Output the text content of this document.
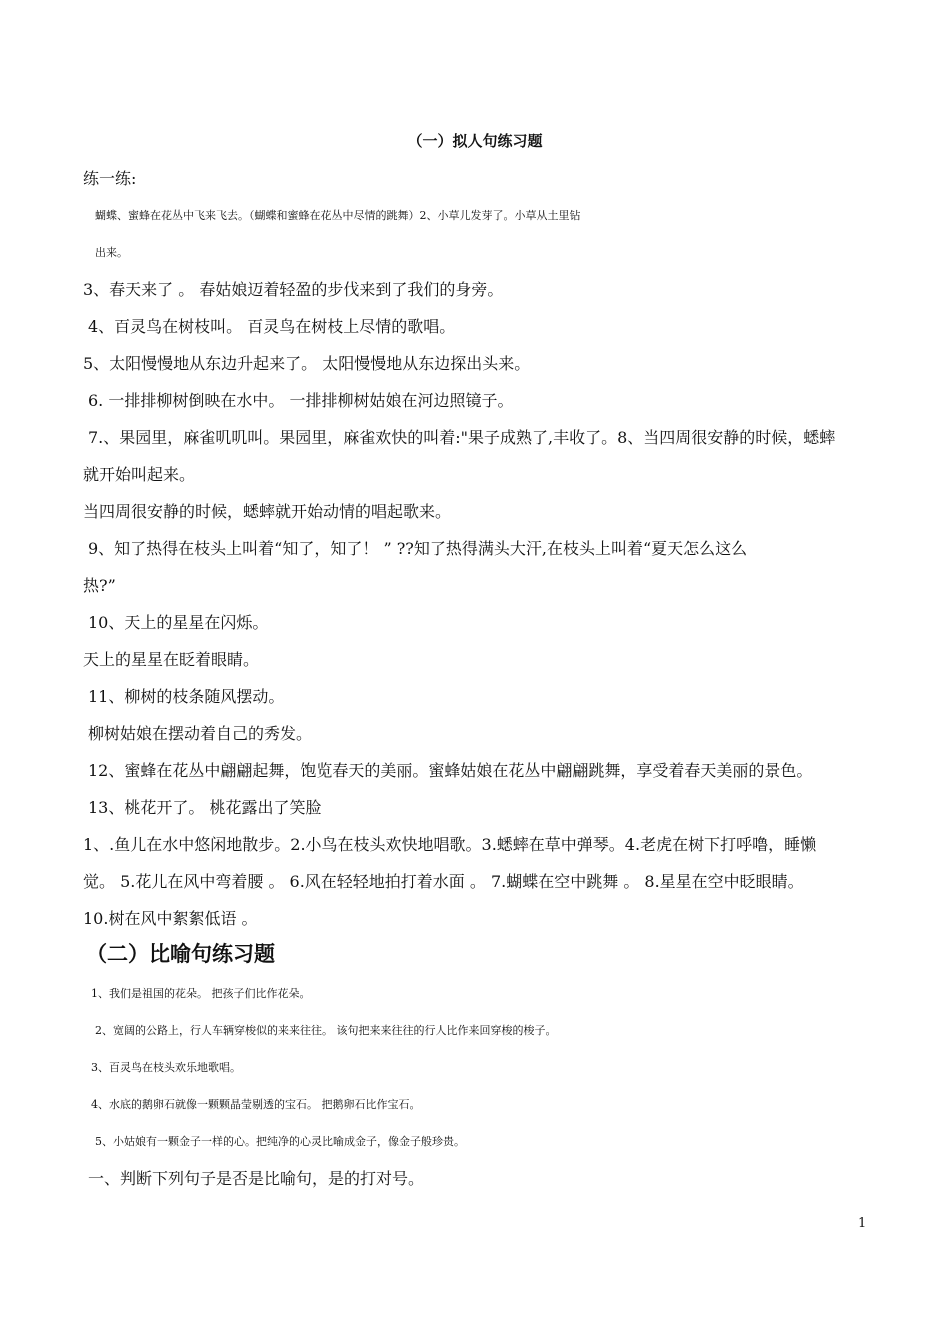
（一）拟人句练习题
练一练:
蝴蝶、蜜蜂在花丛中飞来飞去。（蝴蝶和蜜蜂在花丛中尽情的跳舞）2、小草儿发芽了。小草从土里钻
出来。
3、春天来了 。 春姑娘迈着轻盈的步伐来到了我们的身旁。
4、百灵鸟在树枝叫。 百灵鸟在树枝上尽情的歌唱。
5、太阳慢慢地从东边升起来了。 太阳慢慢地从东边探出头来。
6. 一排排柳树倒映在水中。 一排排柳树姑娘在河边照镜子。
7.、果园里，麻雀叽叽叫。果园里，麻雀欢快的叫着:"果子成熟了,丰收了。8、当四周很安静的时候，蟋蟀
就开始叫起来。
当四周很安静的时候，蟋蟀就开始动情的唱起歌来。
9、知了热得在枝头上叫着“知了，知了！ ” ??知了热得满头大汗,在枝头上叫着“夏天怎么这么
热?”
10、天上的星星在闪烁。
天上的星星在眨着眼睛。
11、柳树的枝条随风摆动。
柳树姑娘在摆动着自己的秀发。
12、蜜蜂在花丛中翩翩起舞，饱览春天的美丽。蜜蜂姑娘在花丛中翩翩跳舞，享受着春天美丽的景色。
13、桃花开了。 桃花露出了笑脸
1、.鱼儿在水中悠闲地散步。2.小鸟在枝头欢快地唱歌。3.蟋蟀在草中弹琴。4.老虎在树下打呼噜，睡懒
觉。 5.花儿在风中弯着腰 。 6.风在轻轻地拍打着水面 。 7.蝴蝶在空中跳舞 。 8.星星在空中眨眼睛。
10.树在风中絮絮低语 。
（二）比喻句练习题
1、我们是祖国的花朵。 把孩子们比作花朵。
2、宽阔的公路上，行人车辆穿梭似的来来往往。 该句把来来往往的行人比作来回穿梭的梭子。
3、百灵鸟在枝头欢乐地歌唱。
4、水底的鹅卵石就像一颗颗晶莹剔透的宝石。 把鹅卵石比作宝石。
5、小姑娘有一颗金子一样的心。把纯净的心灵比喻成金子，像金子般珍贵。
一、判断下列句子是否是比喻句，是的打对号。
1
